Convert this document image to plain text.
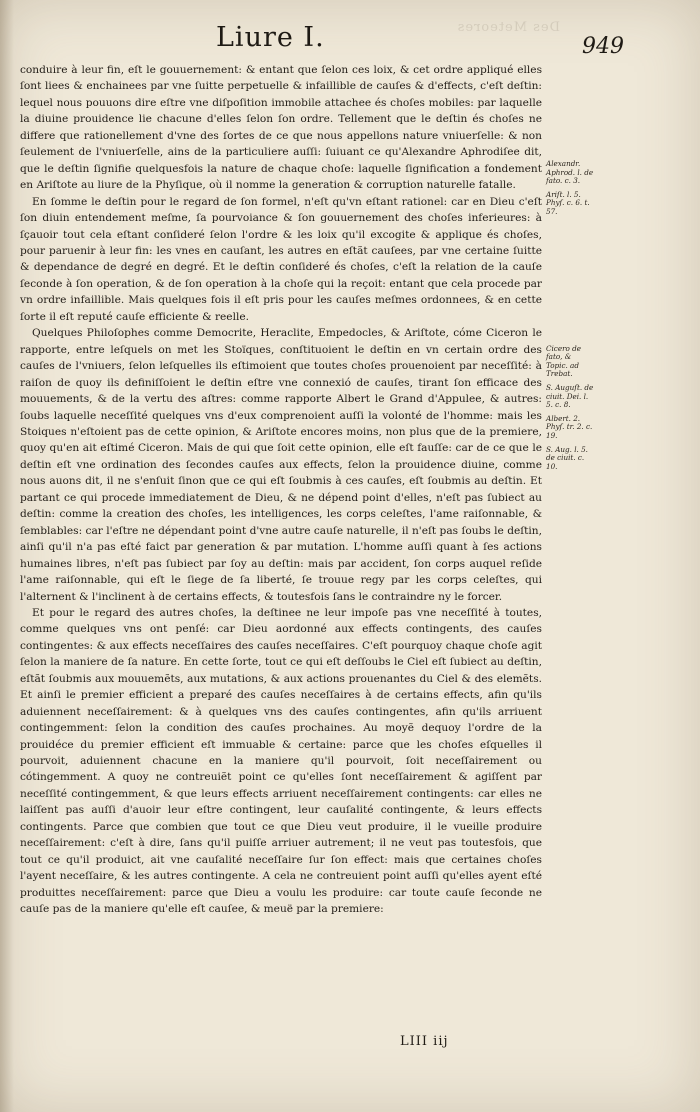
Des Meteores
Liure I.	949

conduire à leur fin, eſt le gouuernement: & entant que ſelon ces loix, & cet ordre appliqué elles ſont liees & enchainees par vne ſuitte perpetuelle & infaillible de cauſes & d'effects, c'eſt deſtin: lequel nous pouuons dire eſtre vne diſpoſition immobile attachee és choſes mobiles: par laquelle la diuine prouidence lie chacune d'elles ſelon ſon ordre. Tellement que le deſtin és choſes ne differe que rationellement d'vne des ſortes de ce que nous appellons nature vniuerſelle: & non ſeulement de l'vniuerſelle, ains de la particuliere auſſi: ſuiuant ce qu'Alexandre Aphrodiſee dit, que le deſtin ſignifie quelquesfois la nature de chaque choſe: laquelle ſignification a fondement en Ariſtote au liure de la Phyſique, où il nomme la generation & corruption naturelle fatalle.

En ſomme le deſtin pour le regard de ſon formel, n'eſt qu'vn eſtant rationel: car en Dieu c'eſt ſon diuin entendement meſme, ſa pourvoiance & ſon gouuernement des choſes inferieures: à ſçauoir tout cela eſtant conſideré ſelon l'ordre & les loix qu'il excogite & applique és choſes, pour paruenir à leur fin: les vnes en cauſant, les autres en eſtãt cauſees, par vne certaine ſuitte & dependance de degré en degré. Et le deſtin conſideré és choſes, c'eſt la relation de la cauſe ſeconde à ſon operation, & de ſon operation à la choſe qui la reçoit: entant que cela procede par vn ordre infaillible. Mais quelques fois il eſt pris pour les cauſes meſmes ordonnees, & en cette ſorte il eſt reputé cauſe efficiente & reelle.

Quelques Philoſophes comme Democrite, Heraclite, Empedocles, & Ariſtote, cóme Ciceron le rapporte, entre leſquels on met les Stoïques, conſtituoient le deſtin en vn certain ordre des cauſes de l'vniuers, ſelon leſquelles ils eſtimoient que toutes choſes prouenoient par neceſſité: à raiſon de quoy ils definiſſoient le deſtin eſtre vne connexió de cauſes, tirant ſon efficace des mouuements, & de la vertu des aſtres: comme rapporte Albert le Grand d'Appulee, & autres: ſoubs laquelle neceſſité quelques vns d'eux comprenoient auſſi la volonté de l'homme: mais les Stoiques n'eſtoient pas de cette opinion, & Ariſtote encores moins, non plus que de la premiere, quoy qu'en ait eſtimé Ciceron. Mais de qui que ſoit cette opinion, elle eſt fauſſe: car de ce que le deſtin eſt vne ordination des ſecondes cauſes aux effects, ſelon la prouidence diuine, comme nous auons dit, il ne s'enſuit ſinon que ce qui eſt ſoubmis à ces cauſes, eſt ſoubmis au deſtin. Et partant ce qui procede immediatement de Dieu, & ne dépend point d'elles, n'eſt pas ſubiect au deſtin: comme la creation des choſes, les intelligences, les corps celeſtes, l'ame raiſonnable, & ſemblables: car l'eſtre ne dépendant point d'vne autre cauſe naturelle, il n'eſt pas ſoubs le deſtin, ainſi qu'il n'a pas eſté faict par generation & par mutation. L'homme auſſi quant à ſes actions humaines libres, n'eſt pas ſubiect par ſoy au deſtin: mais par accident, ſon corps auquel reſide l'ame raiſonnable, qui eſt le ſiege de ſa liberté, ſe trouue regy par les corps celeſtes, qui l'alternent & l'inclinent à de certains effects, & toutesfois ſans le contraindre ny le forcer.

Et pour le regard des autres choſes, la deſtinee ne leur impoſe pas vne neceſſité à toutes, comme quelques vns ont penſé: car Dieu aordonné aux effects contingents, des cauſes contingentes: & aux effects neceſſaires des cauſes neceſſaires. C'eſt pourquoy chaque choſe agit ſelon la maniere de ſa nature. En cette ſorte, tout ce qui eſt deſſoubs le Ciel eſt ſubiect au deſtin, eſtãt ſoubmis aux mouuemẽts, aux mutations, & aux actions prouenantes du Ciel & des elemẽts. Et ainſi le premier efficient a preparé des cauſes neceſſaires à de certains effects, afin qu'ils aduiennent neceſſairement: & à quelques vns des cauſes contingentes, afin qu'ils arriuent contingemment: ſelon la condition des cauſes prochaines. Au moyẽ dequoy l'ordre de la prouidéce du premier efficient eſt immuable & certaine: parce que les choſes eſquelles il pourvoit, aduiennent chacune en la maniere qu'il pourvoit, ſoit neceſſairement ou cótingemment. A quoy ne contreuiẽt point ce qu'elles ſont neceſſairement & agiſſent par neceſſité contingemment, & que leurs effects arriuent neceſſairement contingents: car elles ne laiſſent pas auſſi d'auoir leur eſtre contingent, leur cauſalité contingente, & leurs effects contingents. Parce que combien que tout ce que Dieu veut produire, il le vueille produire neceſſairement: c'eſt à dire, ſans qu'il puiſſe arriuer autrement; il ne veut pas toutesfois, que tout ce qu'il produict, ait vne cauſalité neceſſaire ſur ſon effect: mais que certaines choſes l'ayent neceſſaire, & les autres contingente. A cela ne contreuient point auſſi qu'elles ayent eſté produittes neceſſairement: parce que Dieu a voulu les produire: car toute cauſe ſeconde ne cauſe pas de la maniere qu'elle eſt cauſee, & meuë par la premiere:

Alexandr. Aphrod. l. de fato. c. 3.
Ariſt. l. 5. Phyſ. c. 6. t. 57.
Cicero de fato, & Topic. ad Trebat.
S. Auguſt. de ciuit. Dei. l. 5. c. 8.
Albert. 2. Phyſ. tr. 2. c. 19.
S. Aug. l. 5. de ciuit. c. 10.
LIII iij
